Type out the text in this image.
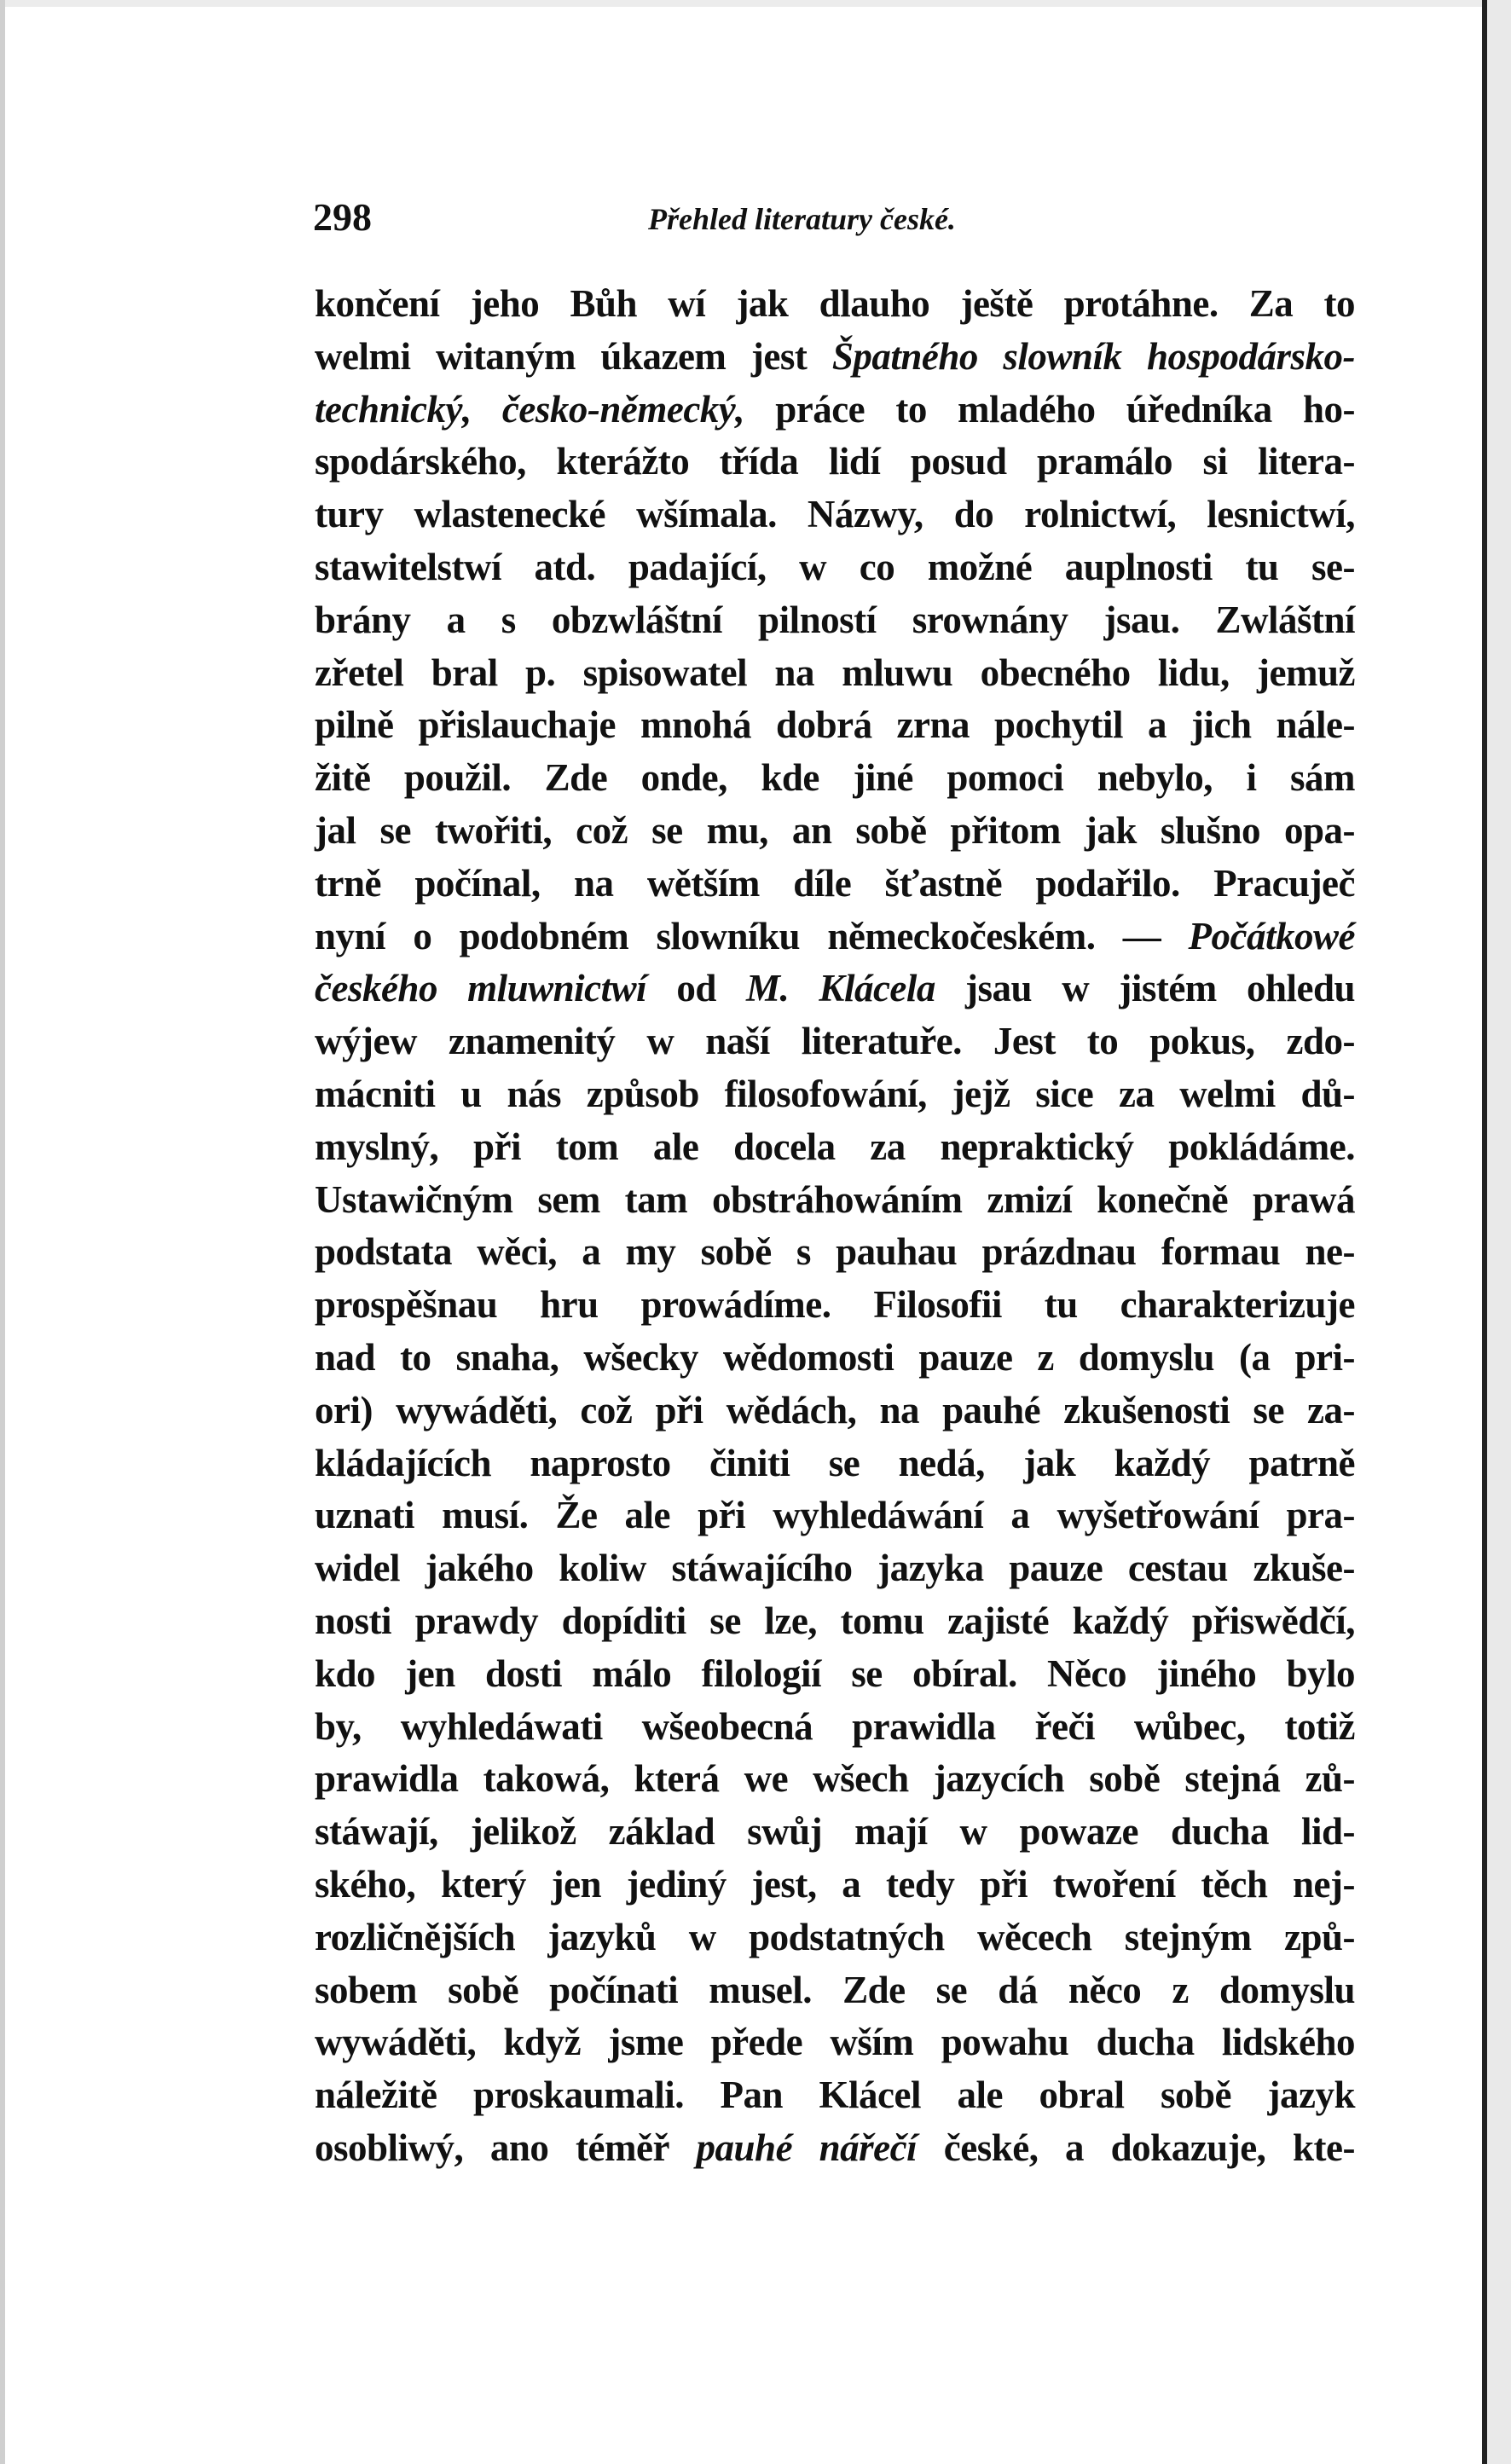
298	Přehled literatury české.
končení jeho Bůh wí jak dlauho ještě protáhne. Za to
welmi witaným úkazem jest Špatného slowník hospodársko-
technický, česko-německý, práce to mladého úředníka ho-
spodárského, kterážto třída lidí posud pramálo si litera-
tury wlastenecké wšímala. Názwy, do rolnictwí, lesnictwí,
stawitelstwí atd. padající, w co možné auplnosti tu se-
brány a s obzwláštní pilností srownány jsau. Zwláštní
zřetel bral p. spisowatel na mluwu obecného lidu, jemuž
pilně přislauchaje mnohá dobrá zrna pochytil a jich nále-
žitě použil. Zde onde, kde jiné pomoci nebylo, i sám
jal se twořiti, což se mu, an sobě přitom jak slušno opa-
trně počínal, na wětším díle šťastně podařilo. Pracuječ
nyní o podobném slowníku německočeském. — Počátkowé
českého mluwnictwí od M. Klácela jsau w jistém ohledu
wýjew znamenitý w naší literatuře. Jest to pokus, zdo-
mácniti u nás způsob filosofowání, jejž sice za welmi dů-
myslný, při tom ale docela za nepraktický pokládáme.
Ustawičným sem tam obstráhowáním zmizí konečně prawá
podstata wěci, a my sobě s pauhau prázdnau formau ne-
prospěšnau hru prowádíme. Filosofii tu charakterizuje
nad to snaha, wšecky wědomosti pauze z domyslu (a pri-
ori) wywáděti, což při wědách, na pauhé zkušenosti se za-
kládajících naprosto činiti se nedá, jak každý patrně
uznati musí. Že ale při wyhledáwání a wyšetřowání pra-
widel jakého koliw stáwajícího jazyka pauze cestau zkuše-
nosti prawdy dopíditi se lze, tomu zajisté každý přiswědčí,
kdo jen dosti málo filologií se obíral. Něco jiného bylo
by, wyhledáwati wšeobecná prawidla řeči wůbec, totiž
prawidla takowá, která we wšech jazycích sobě stejná zů-
stáwají, jelikož základ swůj mají w powaze ducha lid-
ského, který jen jediný jest, a tedy při twoření těch nej-
rozličnějších jazyků w podstatných wěcech stejným způ-
sobem sobě počínati musel. Zde se dá něco z domyslu
wywáděti, když jsme přede wším powahu ducha lidského
náležitě proskaumali. Pan Klácel ale obral sobě jazyk
osobliwý, ano téměř pauhé nářečí české, a dokazuje, kte-
